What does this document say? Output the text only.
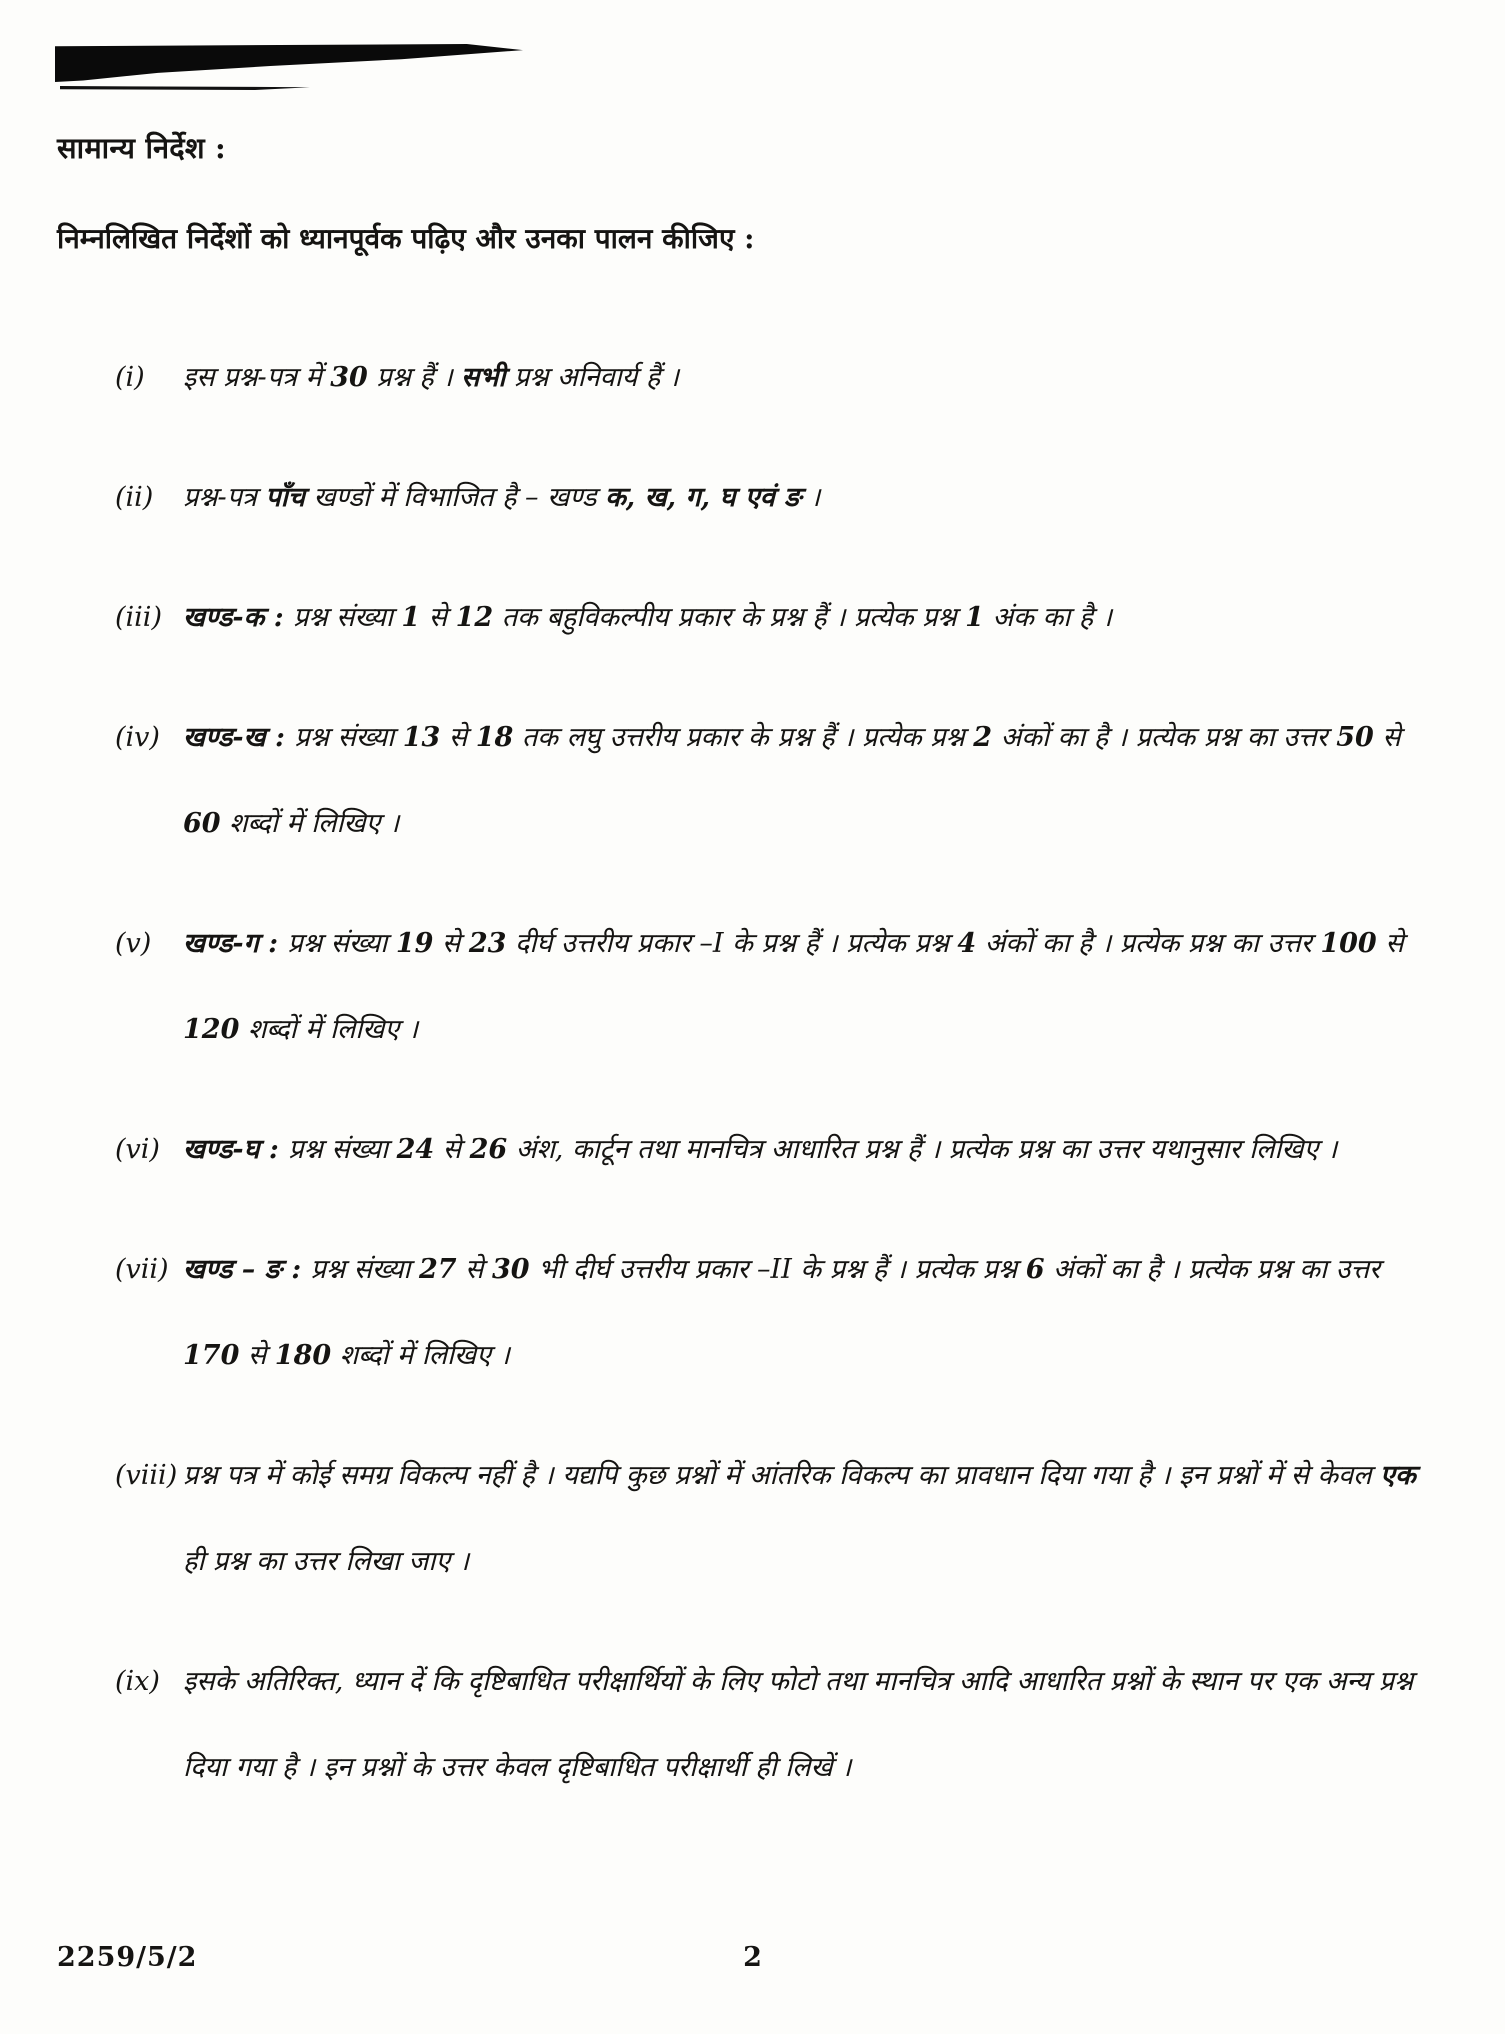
सामान्य निर्देश :

निम्नलिखित निर्देशों को ध्यानपूर्वक पढ़िए और उनका पालन कीजिए :

(i)	इस प्रश्न-पत्र में 30 प्रश्न हैं । सभी प्रश्न अनिवार्य हैं ।
(ii)	प्रश्न-पत्र पाँच खण्डों में विभाजित है – खण्ड क, ख, ग, घ एवं ङ ।
(iii) खण्ड-क : प्रश्न संख्या 1 से 12 तक बहुविकल्पीय प्रकार के प्रश्न हैं । प्रत्येक प्रश्न 1 अंक का है ।
(iv) खण्ड-ख : प्रश्न संख्या 13 से 18 तक लघु उत्तरीय प्रकार के प्रश्न हैं । प्रत्येक प्रश्न 2 अंकों का है । प्रत्येक प्रश्न का उत्तर 50 से 60 शब्दों में लिखिए ।
(v)	खण्ड-ग : प्रश्न संख्या 19 से 23 दीर्घ उत्तरीय प्रकार –I के प्रश्न हैं । प्रत्येक प्रश्न 4 अंकों का है । प्रत्येक प्रश्न का उत्तर 100 से 120 शब्दों में लिखिए ।
(vi) खण्ड-घ : प्रश्न संख्या 24 से 26 अंश, कार्टून तथा मानचित्र आधारित प्रश्न हैं । प्रत्येक प्रश्न का उत्तर यथानुसार लिखिए ।
(vii) खण्ड – ङ : प्रश्न संख्या 27 से 30 भी दीर्घ उत्तरीय प्रकार –II के प्रश्न हैं । प्रत्येक प्रश्न 6 अंकों का है । प्रत्येक प्रश्न का उत्तर 170 से 180 शब्दों में लिखिए ।
(viii) प्रश्न पत्र में कोई समग्र विकल्प नहीं है । यद्यपि कुछ प्रश्नों में आंतरिक विकल्प का प्रावधान दिया गया है । इन प्रश्नों में से केवल एक ही प्रश्न का उत्तर लिखा जाए ।
(ix) इसके अतिरिक्त, ध्यान दें कि दृष्टिबाधित परीक्षार्थियों के लिए फोटो तथा मानचित्र आदि आधारित प्रश्नों के स्थान पर एक अन्य प्रश्न दिया गया है । इन प्रश्नों के उत्तर केवल दृष्टिबाधित परीक्षार्थी ही लिखें ।
2259/5/2	2
